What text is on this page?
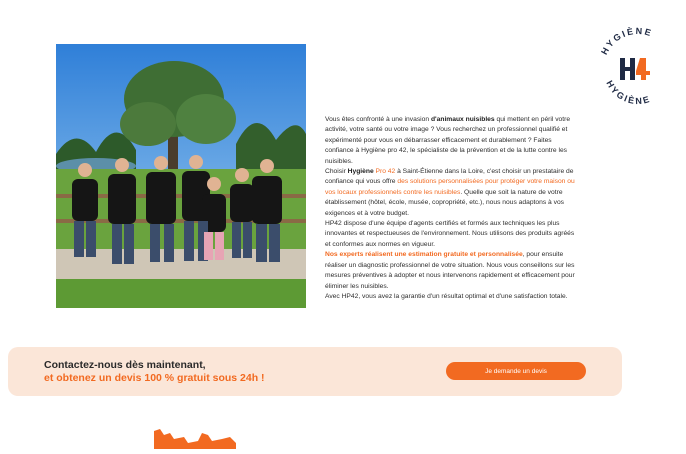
HYGIÈNE
HYGIÈNE

Vous êtes confronté à une invasion d'animaux nuisibles qui mettent en péril votre activité, votre santé ou votre image ? Vous recherchez un professionnel qualifié et expérimenté pour vous en débarrasser efficacement et durablement ? Faites confiance à Hygiène pro 42, le spécialiste de la prévention et de la lutte contre les nuisibles.

Choisir Hygiène Pro 42 à Saint-Étienne dans la Loire, c'est choisir un prestataire de confiance qui vous offre des solutions personnalisées pour protéger votre maison ou vos locaux professionnels contre les nuisibles. Quelle que soit la nature de votre établissement (hôtel, école, musée, copropriété, etc.), nous nous adaptons à vos exigences et à votre budget.

HP42 dispose d'une équipe d'agents certifiés et formés aux techniques les plus innovantes et respectueuses de l'environnement. Nous utilisons des produits agréés et conformes aux normes en vigueur.

Nos experts réalisent une estimation gratuite et personnalisée, pour ensuite réaliser un diagnostic professionnel de votre situation. Nous vous conseillons sur les mesures préventives à adopter et nous intervenons rapidement et efficacement pour éliminer les nuisibles.

Avec HP42, vous avez la garantie d'un résultat optimal et d'une satisfaction totale.

Contactez-nous dès maintenant,
et obtenez un devis 100 % gratuit sous 24h !
Je demande un devis
